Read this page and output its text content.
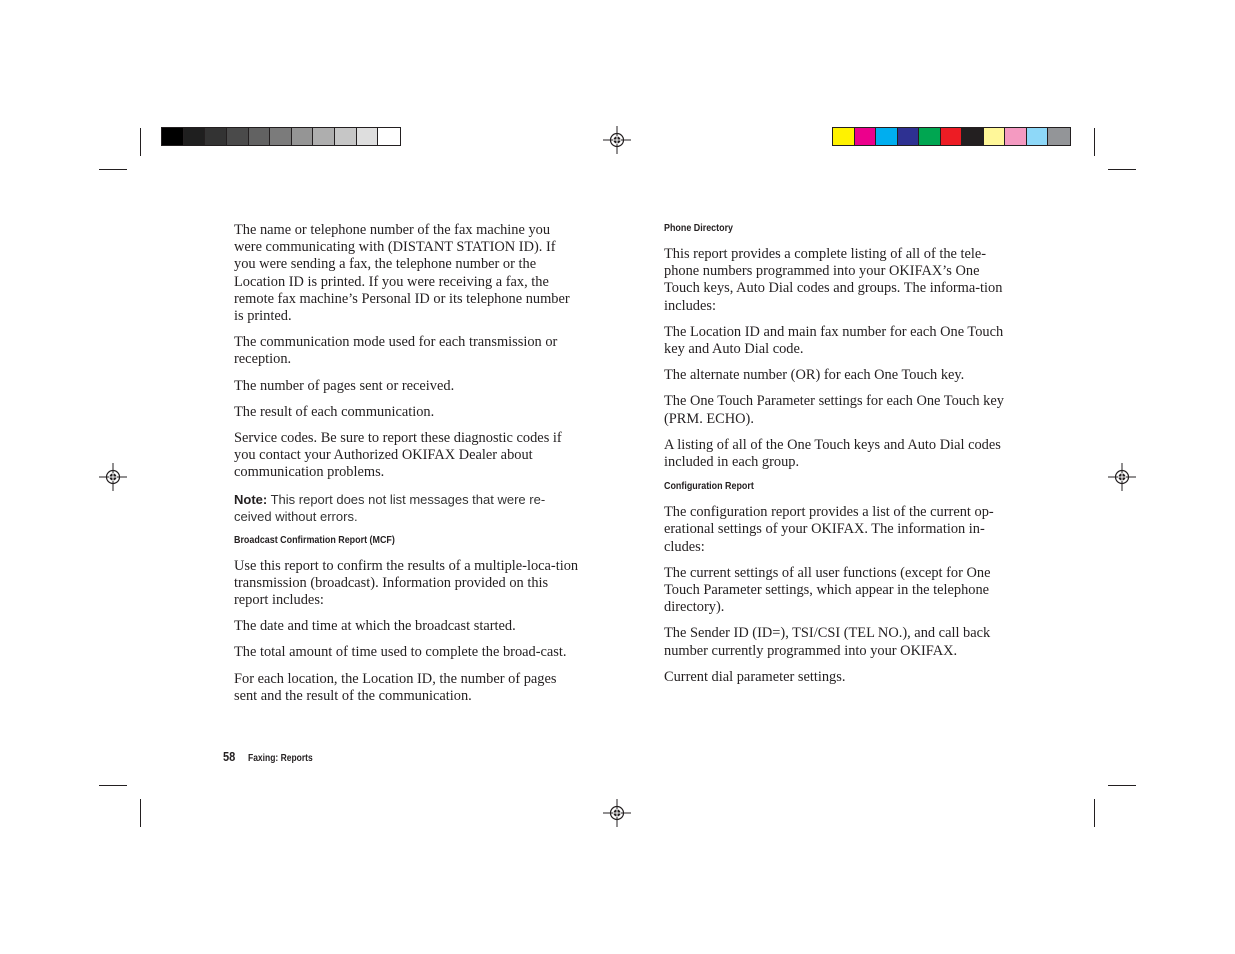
The name or telephone number of the fax machine you were communicating with (DISTANT STATION ID). If you were sending a fax, the telephone number or the Location ID is printed. If you were receiving a fax, the remote fax machine’s Personal ID or its telephone number is printed.

The communication mode used for each transmission or reception.

The number of pages sent or received.

The result of each communication.

Service codes. Be sure to report these diagnostic codes if you contact your Authorized OKIFAX Dealer about communication problems.

Note: This report does not list messages that were re-ceived without errors.

Broadcast Confirmation Report (MCF)

Use this report to confirm the results of a multiple-loca-tion transmission (broadcast). Information provided on this report includes:

The date and time at which the broadcast started.

The total amount of time used to complete the broad-cast.

For each location, the Location ID, the number of pages sent and the result of the communication.

Phone Directory

This report provides a complete listing of all of the tele-phone numbers programmed into your OKIFAX’s One Touch keys, Auto Dial codes and groups. The informa-tion includes:

The Location ID and main fax number for each One Touch key and Auto Dial code.

The alternate number (OR) for each One Touch key.

The One Touch Parameter settings for each One Touch key (PRM. ECHO).

A listing of all of the One Touch keys and Auto Dial codes included in each group.

Configuration Report

The configuration report provides a list of the current op-erational settings of your OKIFAX. The information in-cludes:

The current settings of all user functions (except for One Touch Parameter settings, which appear in the telephone directory).

The Sender ID (ID=), TSI/CSI (TEL NO.), and call back number currently programmed into your OKIFAX.

Current dial parameter settings.

58 Faxing: Reports
